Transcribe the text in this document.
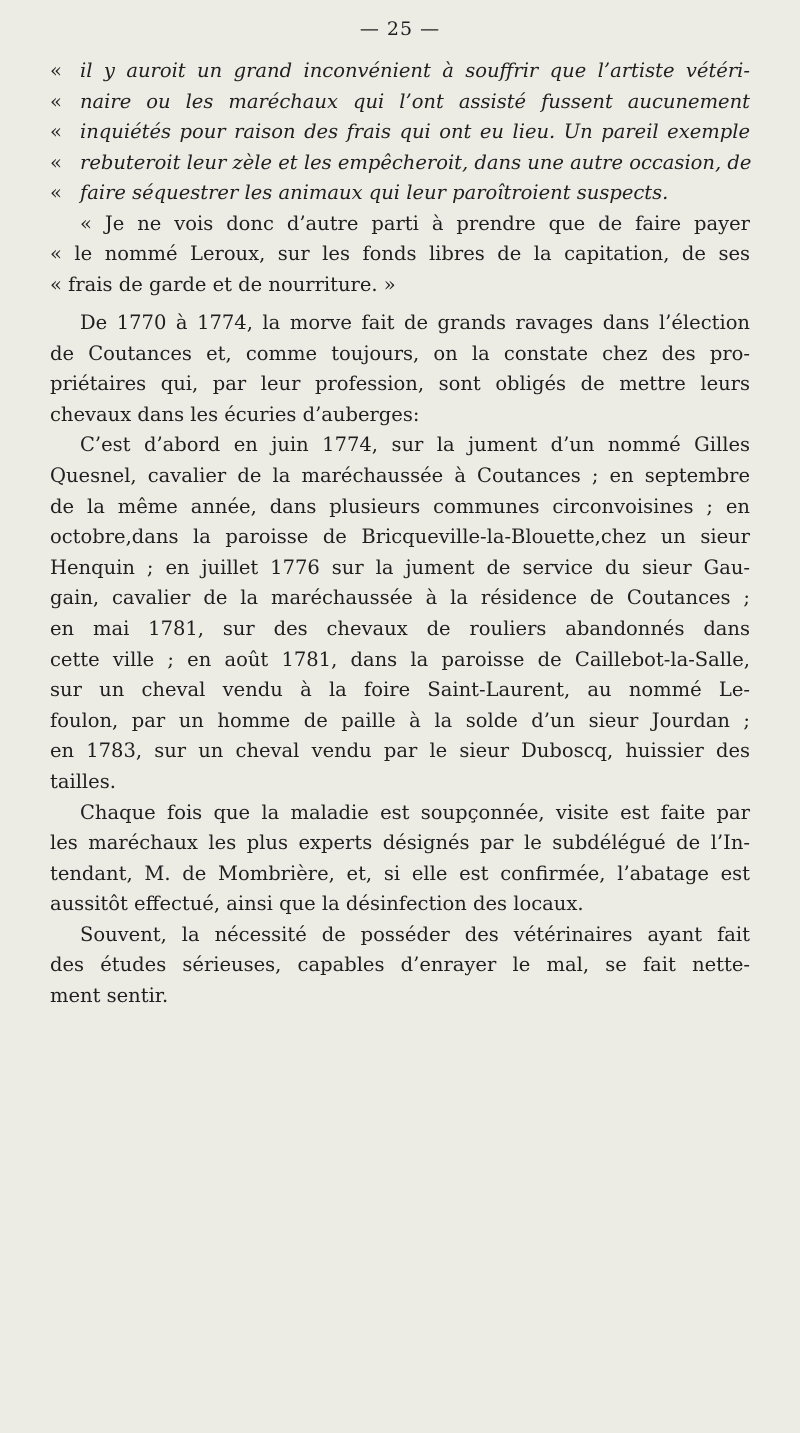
— 25 —
« il y auroit un grand inconvénient à souffrir que l’artiste vétéri-
« naire ou les maréchaux qui l’ont assisté fussent aucunement
« inquiétés pour raison des frais qui ont eu lieu. Un pareil exemple
« rebuteroit leur zèle et les empêcheroit, dans une autre occasion, de
« faire séquestrer les animaux qui leur paroîtroient suspects.
« Je ne vois donc d’autre parti à prendre que de faire payer
« le nommé Leroux, sur les fonds libres de la capitation, de ses
« frais de garde et de nourriture. »
De 1770 à 1774, la morve fait de grands ravages dans l’élection
de Coutances et, comme toujours, on la constate chez des pro-
priétaires qui, par leur profession, sont obligés de mettre leurs
chevaux dans les écuries d’auberges:
C’est d’abord en juin 1774, sur la jument d’un nommé Gilles
Quesnel, cavalier de la maréchaussée à Coutances ; en septembre
de la même année, dans plusieurs communes circonvoisines ; en
octobre,dans la paroisse de Bricqueville-la-Blouette,chez un sieur
Henquin ; en juillet 1776 sur la jument de service du sieur Gau-
gain, cavalier de la maréchaussée à la résidence de Coutances ;
en mai 1781, sur des chevaux de rouliers abandonnés dans
cette ville ; en août 1781, dans la paroisse de Caillebot-la-Salle,
sur un cheval vendu à la foire Saint-Laurent, au nommé Le-
foulon, par un homme de paille à la solde d’un sieur Jourdan ;
en 1783, sur un cheval vendu par le sieur Duboscq, huissier des
tailles.
Chaque fois que la maladie est soupçonnée, visite est faite par
les maréchaux les plus experts désignés par le subdélégué de l’In-
tendant, M. de Mombrière, et, si elle est confirmée, l’abatage est
aussitôt effectué, ainsi que la désinfection des locaux.
Souvent, la nécessité de posséder des vétérinaires ayant fait
des études sérieuses, capables d’enrayer le mal, se fait nette-
ment sentir.
